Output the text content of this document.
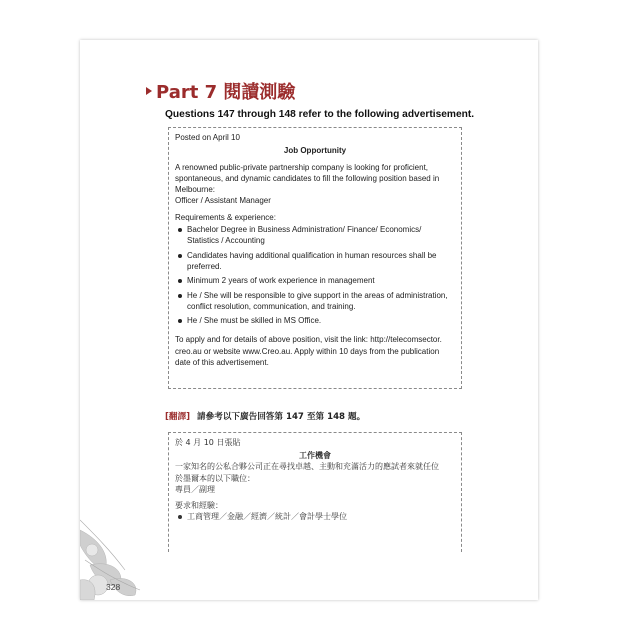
Part 7 閱讀測驗
Questions 147 through 148 refer to the following advertisement.

Posted on April 10

Job Opportunity

A renowned public-private partnership company is looking for proficient,

spontaneous, and dynamic candidates to fill the following position based in

Melbourne:

Officer / Assistant Manager

Requirements & experience:

Bachelor Degree in Business Administration/ Finance/ Economics/
Statistics / Accounting
Candidates having additional qualification in human resources shall be
preferred.
Minimum 2 years of work experience in management
He / She will be responsible to give support in the areas of administration,
conflict resolution, communication, and training.
He / She must be skilled in MS Office.

To apply and for details of above position, visit the link: http://telecomsector.

creo.au or website www.Creo.au. Apply within 10 days from the publication

date of this advertisement.

[翻譯] 請參考以下廣告回答第 147 至第 148 題。

於 4 月 10 日張貼

工作機會

一家知名的公私合夥公司正在尋找卓越、主動和充滿活力的應試者來就任位

於墨爾本的以下職位：

專員／副理

要求和經驗：

工商管理／金融／經濟／統計／會計學士學位
328
